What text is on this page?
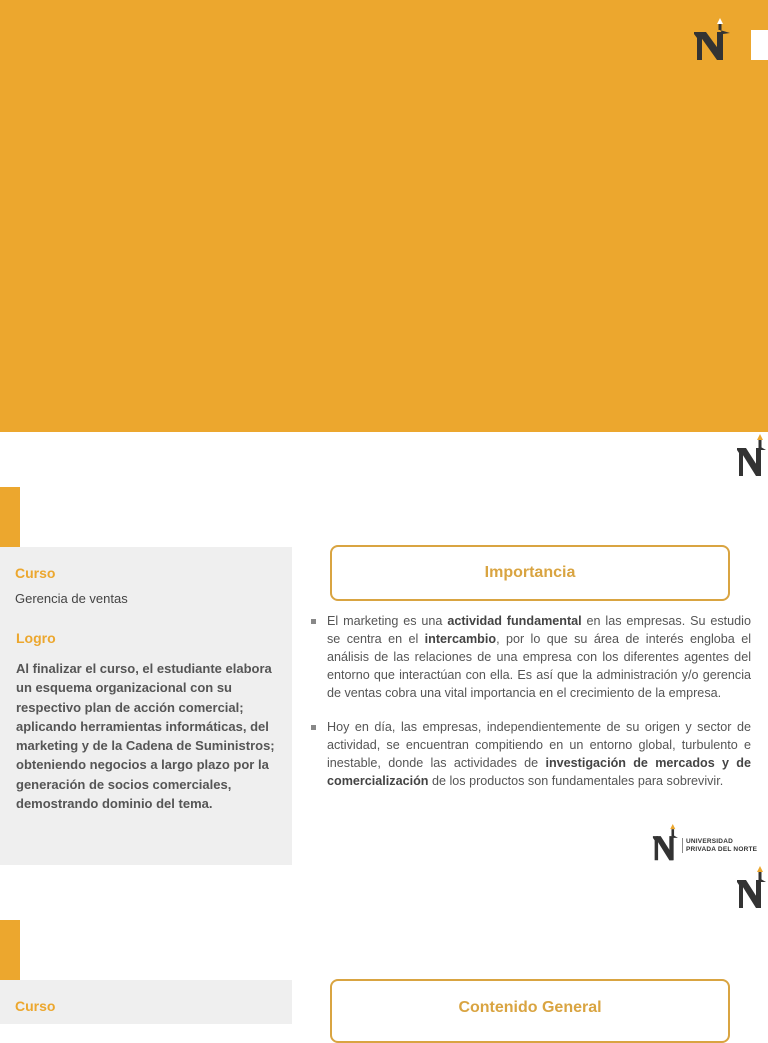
Curso
Gerencia de ventas
Logro
Al finalizar el curso, el estudiante elabora un esquema organizacional con su respectivo plan de acción comercial; aplicando herramientas informáticas, del marketing y de la Cadena de Suministros; obteniendo negocios a largo plazo por la generación de socios comerciales, demostrando dominio del tema.
Importancia
El marketing es una actividad fundamental en las empresas. Su estudio se centra en el intercambio, por lo que su área de interés engloba el análisis de las relaciones de una empresa con los diferentes agentes del entorno que interactúan con ella. Es así que la administración y/o gerencia de ventas cobra una vital importancia en el crecimiento de la empresa.
Hoy en día, las empresas, independientemente de su origen y sector de actividad, se encuentran compitiendo en un entorno global, turbulento e inestable, donde las actividades de investigación de mercados y de comercialización de los productos son fundamentales para sobrevivir.
UNIVERSIDAD
PRIVADA DEL NORTE
Curso	Contenido General
